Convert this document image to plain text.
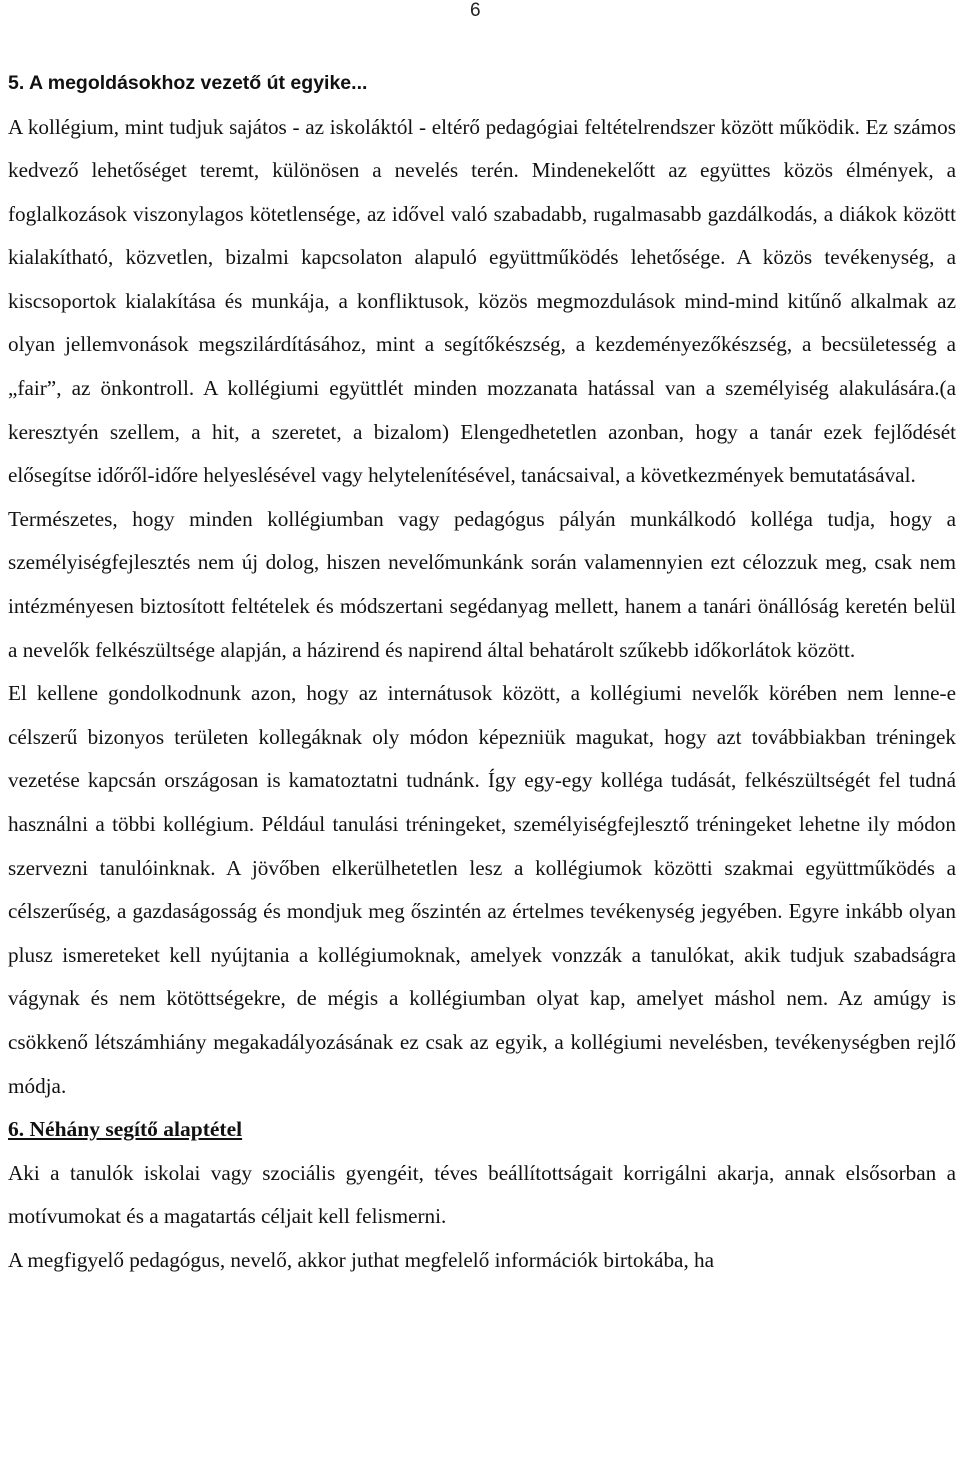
6
5. A megoldásokhoz vezető út egyike...

A kollégium, mint tudjuk sajátos - az iskoláktól - eltérő pedagógiai feltételrendszer között működik. Ez számos kedvező lehetőséget teremt, különösen a nevelés terén. Mindenekelőtt az együttes közös élmények, a foglalkozások viszonylagos kötetlensége, az idővel való szabadabb, rugalmasabb gazdálkodás, a diákok között kialakítható, közvetlen, bizalmi kapcsolaton alapuló együttműködés lehetősége. A közös tevékenység, a kiscsoportok kialakítása és munkája, a konfliktusok, közös megmozdulások mind-mind kitűnő alkalmak az olyan jellemvonások megszilárdításához, mint a segítőkészség, a kezdeményezőkészség, a becsületesség a „fair”, az önkontroll. A kollégiumi együttlét minden mozzanata hatással van a személyiség alakulására.(a keresztyén szellem, a hit, a szeretet, a bizalom) Elengedhetetlen azonban, hogy a tanár ezek fejlődését elősegítse időről-időre helyeslésével vagy helytelenítésével, tanácsaival, a következmények bemutatásával.

Természetes, hogy minden kollégiumban vagy pedagógus pályán munkálkodó kolléga tudja, hogy a személyiségfejlesztés nem új dolog, hiszen nevelőmunkánk során valamennyien ezt célozzuk meg, csak nem intézményesen biztosított feltételek és módszertani segédanyag mellett, hanem a tanári önállóság keretén belül a nevelők felkészültsége alapján, a házirend és napirend által behatárolt szűkebb időkorlátok között.

El kellene gondolkodnunk azon, hogy az internátusok között, a kollégiumi nevelők körében nem lenne-e célszerű bizonyos területen kollegáknak oly módon képezniük magukat, hogy azt továbbiakban tréningek vezetése kapcsán országosan is kamatoztatni tudnánk. Így egy-egy kolléga tudását, felkészültségét fel tudná használni a többi kollégium. Például tanulási tréningeket, személyiségfejlesztő tréningeket lehetne ily módon szervezni tanulóinknak. A jövőben elkerülhetetlen lesz a kollégiumok közötti szakmai együttműködés a célszerűség, a gazdaságosság és mondjuk meg őszintén az értelmes tevékenység jegyében. Egyre inkább olyan plusz ismereteket kell nyújtania a kollégiumoknak, amelyek vonzzák a tanulókat, akik tudjuk szabadságra vágynak és nem kötöttségekre, de mégis a kollégiumban olyat kap, amelyet máshol nem. Az amúgy is csökkenő létszámhiány megakadályozásának ez csak az egyik, a kollégiumi nevelésben, tevékenységben rejlő módja.

6. Néhány segítő alaptétel

Aki a tanulók iskolai vagy szociális gyengéit, téves beállítottságait korrigálni akarja, annak elsősorban a motívumokat és a magatartás céljait kell felismerni.

A megfigyelő pedagógus, nevelő, akkor juthat megfelelő információk birtokába, ha
